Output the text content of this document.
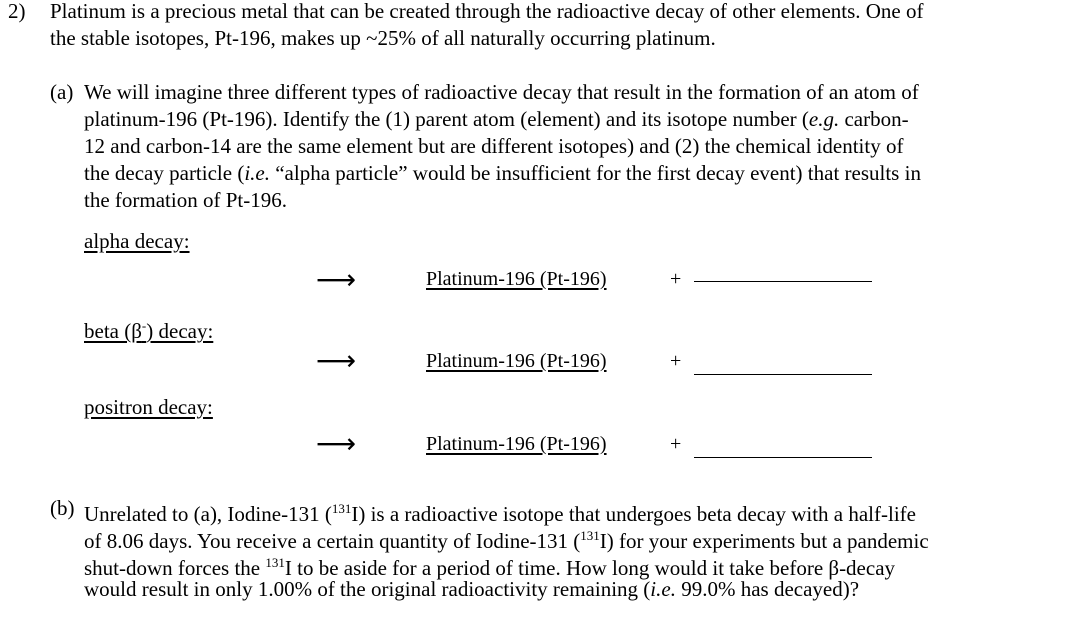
2) Platinum is a precious metal that can be created through the radioactive decay of other elements. One of
the stable isotopes, Pt-196, makes up ~25% of all naturally occurring platinum.
(a) We will imagine three different types of radioactive decay that result in the formation of an atom of
platinum-196 (Pt-196). Identify the (1) parent atom (element) and its isotope number (e.g. carbon-
12 and carbon-14 are the same element but are different isotopes) and (2) the chemical identity of
the decay particle (i.e. “alpha particle” would be insufficient for the first decay event) that results in
the formation of Pt-196.
alpha decay:
⟶	Platinum-196 (Pt-196)	+
beta (β-) decay:
⟶	Platinum-196 (Pt-196)	+
positron decay:
⟶	Platinum-196 (Pt-196)	+
(b) Unrelated to (a), Iodine-131 ($^{131}$I) is a radioactive isotope that undergoes beta decay with a half-life
of 8.06 days. You receive a certain quantity of Iodine-131 ($^{131}$I) for your experiments but a pandemic
shut-down forces the $^{131}$I to be aside for a period of time. How long would it take before β-decay
would result in only 1.00% of the original radioactivity remaining (i.e. 99.0% has decayed)?
